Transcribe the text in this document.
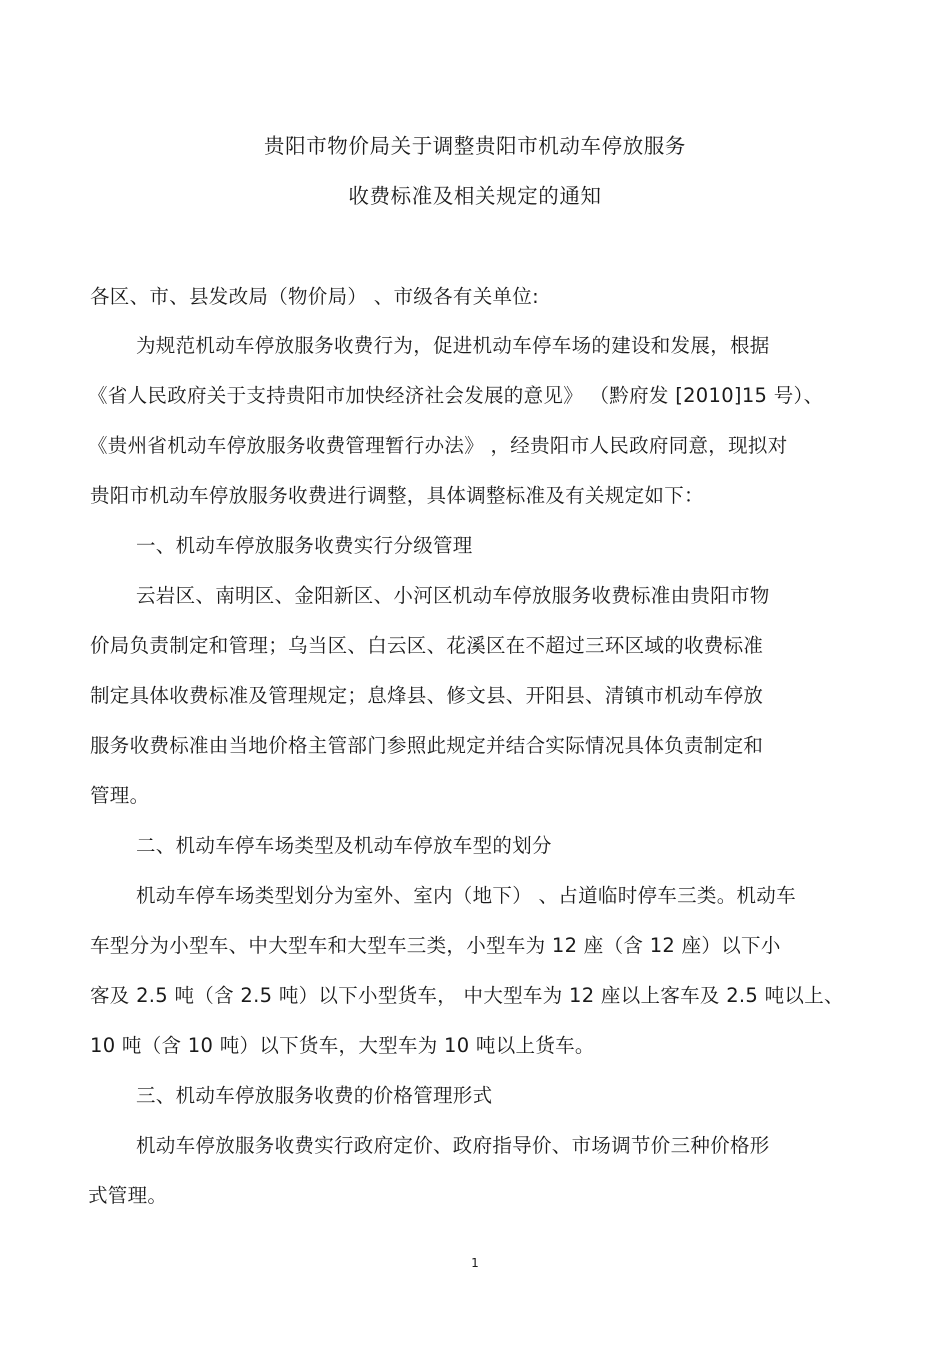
贵阳市物价局关于调整贵阳市机动车停放服务
收费标准及相关规定的通知
各区、市、县发改局（物价局） 、市级各有关单位:
为规范机动车停放服务收费行为，促进机动车停车场的建设和发展，根据
《省人民政府关于支持贵阳市加快经济社会发展的意见》 （黔府发 [2010]15 号）、
《贵州省机动车停放服务收费管理暂行办法》 ，经贵阳市人民政府同意，现拟对
贵阳市机动车停放服务收费进行调整，具体调整标准及有关规定如下：
一、机动车停放服务收费实行分级管理
云岩区、南明区、金阳新区、小河区机动车停放服务收费标准由贵阳市物
价局负责制定和管理；乌当区、白云区、花溪区在不超过三环区域的收费标准
制定具体收费标准及管理规定；息烽县、修文县、开阳县、清镇市机动车停放
服务收费标准由当地价格主管部门参照此规定并结合实际情况具体负责制定和
管理。
二、机动车停车场类型及机动车停放车型的划分
机动车停车场类型划分为室外、室内（地下） 、占道临时停车三类。机动车
车型分为小型车、中大型车和大型车三类，小型车为 12 座（含 12 座）以下小
客及 2.5 吨（含 2.5 吨）以下小型货车， 中大型车为 12 座以上客车及 2.5 吨以上、
10 吨（含 10 吨）以下货车，大型车为 10 吨以上货车。
三、机动车停放服务收费的价格管理形式
机动车停放服务收费实行政府定价、政府指导价、市场调节价三种价格形
式管理。
1
